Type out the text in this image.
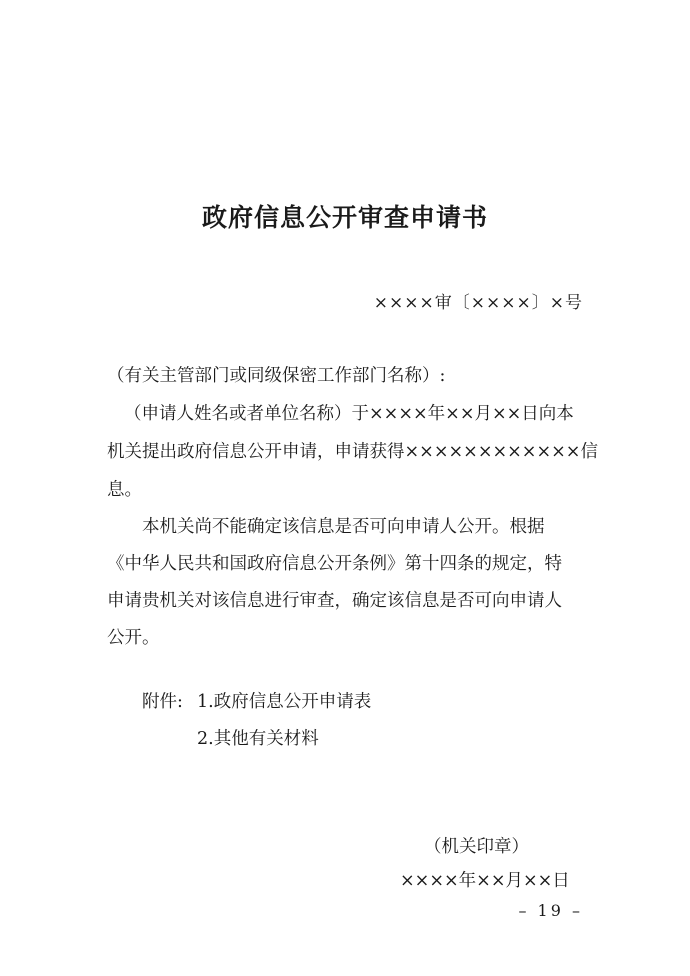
政府信息公开审查申请书
××××审〔××××〕×号
（有关主管部门或同级保密工作部门名称）:
（申请人姓名或者单位名称）于××××年××月××日向本
机关提出政府信息公开申请，申请获得××××××××××××信
息。
本机关尚不能确定该信息是否可向申请人公开。根据
《中华人民共和国政府信息公开条例》第十四条的规定，特
申请贵机关对该信息进行审查，确定该信息是否可向申请人
公开。
附件: 1.政府信息公开申请表
2.其他有关材料
（机关印章）
××××年××月××日
– 19 –
